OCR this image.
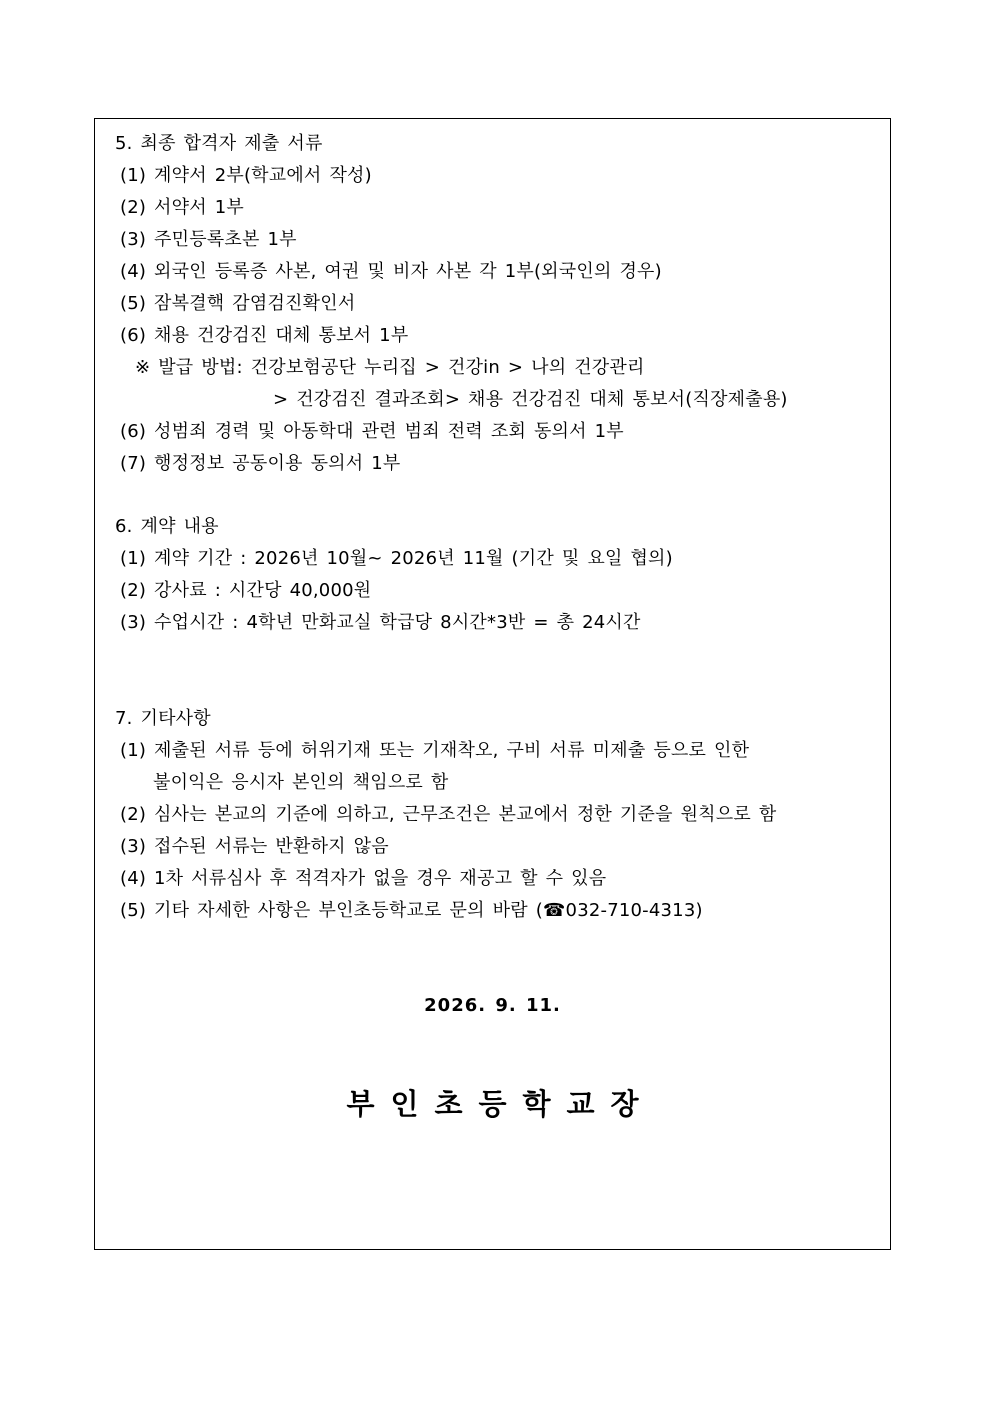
5. 최종 합격자 제출 서류
(1) 계약서 2부(학교에서 작성)
(2) 서약서 1부
(3) 주민등록초본 1부
(4) 외국인 등록증 사본, 여권 및 비자 사본 각 1부(외국인의 경우)
(5) 잠복결핵 감염검진확인서
(6) 채용 건강검진 대체 통보서 1부
※ 발급 방법: 건강보험공단 누리집 > 건강in > 나의 건강관리
> 건강검진 결과조회> 채용 건강검진 대체 통보서(직장제출용)
(6) 성범죄 경력 및 아동학대 관련 범죄 전력 조회 동의서 1부
(7) 행정정보 공동이용 동의서 1부
6. 계약 내용
(1) 계약 기간 : 2026년 10월~ 2026년 11월 (기간 및 요일 협의)
(2) 강사료 : 시간당 40,000원
(3) 수업시간 : 4학년 만화교실 학급당 8시간*3반 = 총 24시간
7. 기타사항
(1) 제출된 서류 등에 허위기재 또는 기재착오, 구비 서류 미제출 등으로 인한
불이익은 응시자 본인의 책임으로 함
(2) 심사는 본교의 기준에 의하고, 근무조건은 본교에서 정한 기준을 원칙으로 함
(3) 접수된 서류는 반환하지 않음
(4) 1차 서류심사 후 적격자가 없을 경우 재공고 할 수 있음
(5) 기타 자세한 사항은 부인초등학교로 문의 바람 (☎032-710-4313)
2026. 9. 11.
부인초등학교장
